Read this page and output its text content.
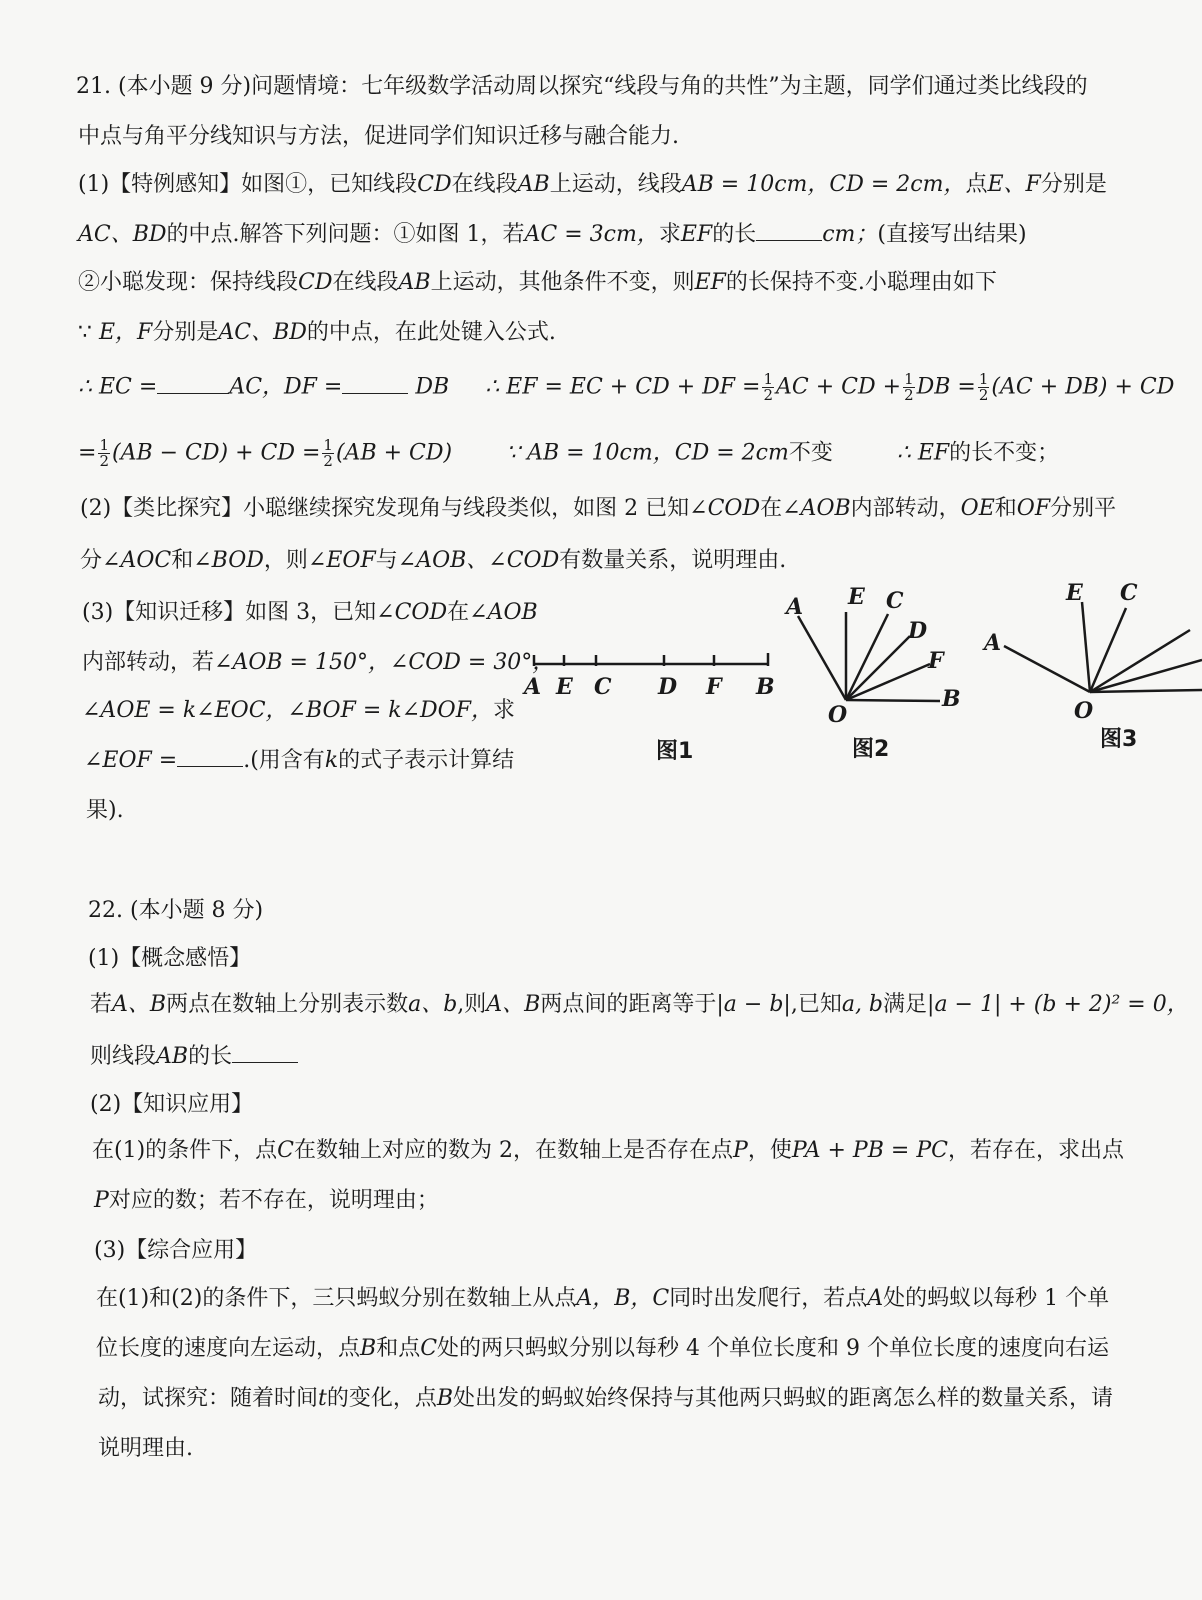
21. (本小题 9 分)问题情境：七年级数学活动周以探究“线段与角的共性”为主题，同学们通过类比线段的
中点与角平分线知识与方法，促进同学们知识迁移与融合能力.
(1)【特例感知】如图①，已知线段CD在线段AB上运动，线段AB = 10cm，CD = 2cm，点E、F分别是
AC、BD的中点.解答下列问题：①如图 1，若AC = 3cm，求EF的长	cm；(直接写出结果)
②小聪发现：保持线段CD在线段AB上运动，其他条件不变，则EF的长保持不变.小聪理由如下
∵ E，F分别是AC、BD的中点，在此处键入公式.
∴ EC =	AC，DF =	DB ∴ EF = EC + CD + DF = $\frac{1}{2}$ AC + CD + $\frac{1}{2}$ DB = $\frac{1}{2} (AC + DB)$ + CD
= $\frac{1}{2} (AB - CD)$ + CD = $\frac{1}{2} (AB + CD)$ ∵ AB = 10cm，CD = 2cm不变	∴ EF的长不变；
(2)【类比探究】小聪继续探究发现角与线段类似，如图 2 已知∠COD在∠AOB内部转动，OE和OF分别平
分∠AOC和∠BOD，则∠EOF与∠AOB、∠COD有数量关系，说明理由.
(3)【知识迁移】如图 3，已知∠COD在∠AOB
内部转动，若∠AOB = 150°，∠COD = 30°，
∠AOE = k∠EOC，∠BOF = k∠DOF，求
∠EOF =	.(用含有k的式子表示计算结
果).
A E C D F B
图1
A E C
D
F
B
O
图2
E C
A
O
图3
22. (本小题 8 分)
(1)【概念感悟】
若A、B两点在数轴上分别表示数a、b,则A、B两点间的距离等于|a − b|,已知a, b满足|a − 1| + (b + 2)² = 0，
则线段AB的长
(2)【知识应用】
在(1)的条件下，点C在数轴上对应的数为 2，在数轴上是否存在点P，使PA + PB = PC，若存在，求出点
P对应的数；若不存在，说明理由；
(3)【综合应用】
在(1)和(2)的条件下，三只蚂蚁分别在数轴上从点A，B，C同时出发爬行，若点A处的蚂蚁以每秒 1 个单
位长度的速度向左运动，点B和点C处的两只蚂蚁分别以每秒 4 个单位长度和 9 个单位长度的速度向右运
动，试探究：随着时间t的变化，点B处出发的蚂蚁始终保持与其他两只蚂蚁的距离怎么样的数量关系，请
说明理由.
